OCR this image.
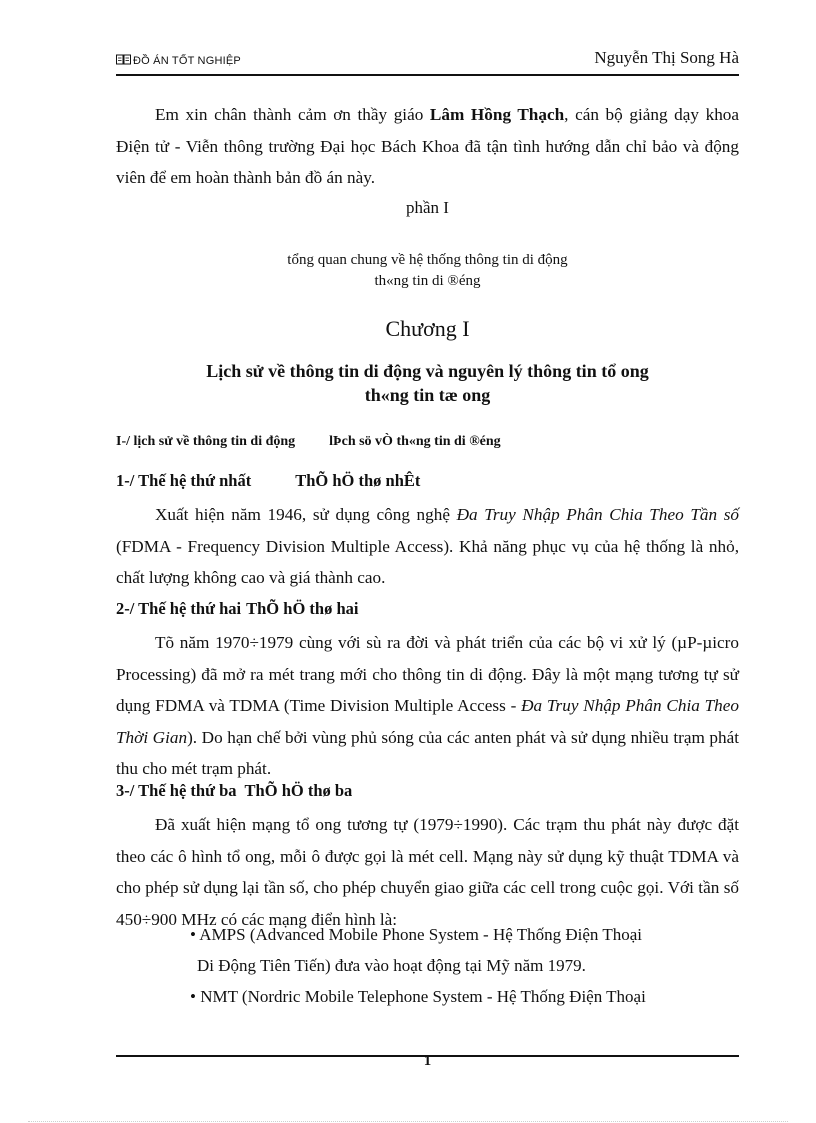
ĐỒ ÁN TỐT NGHIỆP	Nguyễn Thị Song Hà

Em xin chân thành cảm ơn thầy giáo Lâm Hồng Thạch, cán bộ giảng dạy khoa Điện tử - Viễn thông trường Đại học Bách Khoa đã tận tình hướng dẫn chỉ bảo và động viên để em hoàn thành bản đồ án này.

phần I

tổng quan chung về hệ thống thông tin di động

th«ng tin di ®éng

Chương I

Lịch sử về thông tin di động và nguyên lý thông tin tổ ong

th«ng tin tæ ong

I-/ lịch sử về thông tin di động lÞch sö vÒ th«ng tin di ®éng

1-/ Thế hệ thứ nhất	ThÕ hÖ thø nhÊt

Xuất hiện năm 1946, sử dụng công nghệ Đa Truy Nhập Phân Chia Theo Tần số (FDMA - Frequency Division Multiple Access). Khả năng phục vụ của hệ thống là nhỏ, chất lượng không cao và giá thành cao.

2-/ Thế hệ thứ hai ThÕ hÖ thø hai

Tõ năm 1970÷1979 cùng với sù ra đời và phát triển của các bộ vi xử lý (µP-µicro Processing) đã mở ra mét trang mới cho thông tin di động. Đây là một mạng tương tự sử dụng FDMA và TDMA (Time Division Multiple Access - Đa Truy Nhập Phân Chia Theo Thời Gian). Do hạn chế bởi vùng phủ sóng của các anten phát và sử dụng nhiều trạm phát thu cho mét trạm phát.

3-/ Thế hệ thứ ba ThÕ hÖ thø ba

Đã xuất hiện mạng tổ ong tương tự (1979÷1990). Các trạm thu phát này được đặt theo các ô hình tổ ong, mỗi ô được gọi là mét cell. Mạng này sử dụng kỹ thuật TDMA và cho phép sử dụng lại tần số, cho phép chuyển giao giữa các cell trong cuộc gọi. Với tần số 450÷900 MHz có các mạng điển hình là:

• AMPS (Advanced Mobile Phone System - Hệ Thống Điện Thoại
Di Động Tiên Tiến) đưa vào hoạt động tại Mỹ năm 1979.
• NMT (Nordric Mobile Telephone System - Hệ Thống Điện Thoại
1
